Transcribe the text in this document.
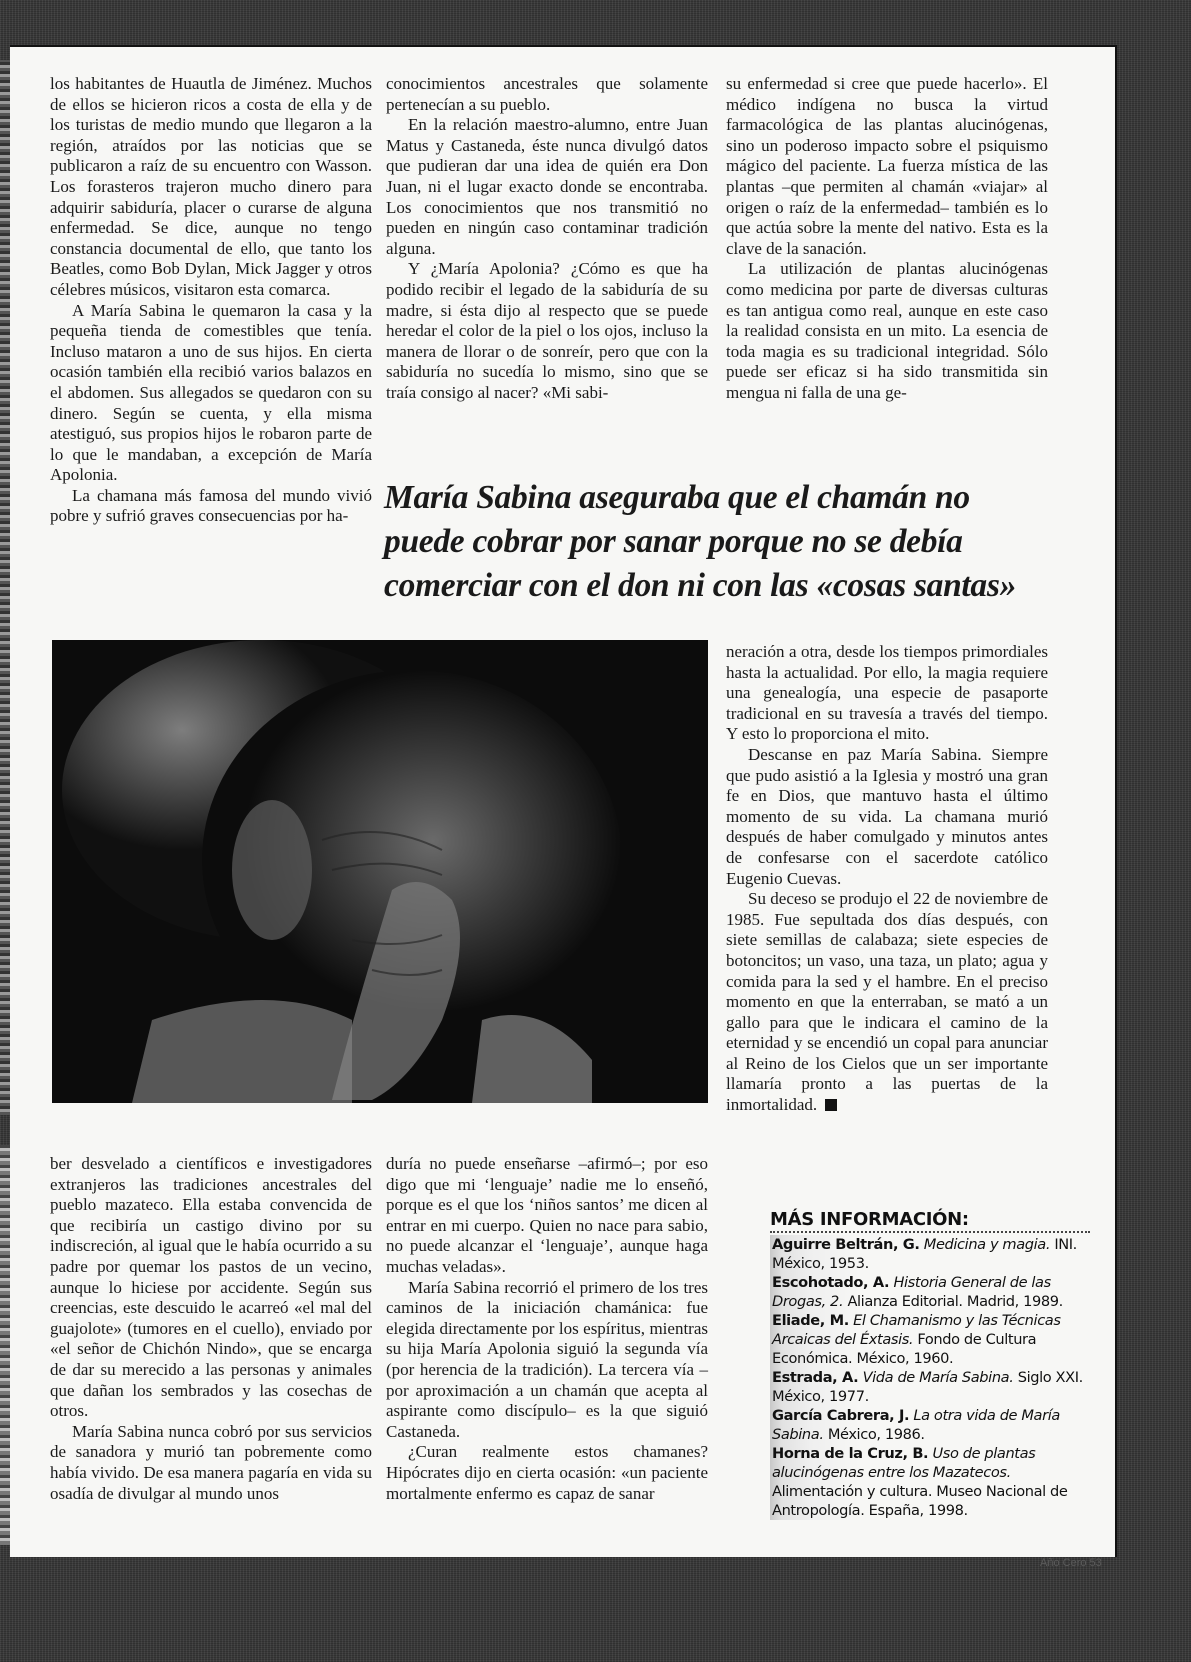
los habitantes de Huautla de Jiménez. Muchos de ellos se hicieron ricos a costa de ella y de los turistas de medio mundo que llegaron a la región, atraídos por las noticias que se publicaron a raíz de su encuentro con Wasson. Los forasteros trajeron mucho dinero para adquirir sabiduría, placer o curarse de alguna enfermedad. Se dice, aunque no tengo constancia documental de ello, que tanto los Beatles, como Bob Dylan, Mick Jagger y otros célebres músicos, visitaron esta comarca.

A María Sabina le quemaron la casa y la pequeña tienda de comestibles que tenía. Incluso mataron a uno de sus hijos. En cierta ocasión también ella recibió varios balazos en el abdomen. Sus allegados se quedaron con su dinero. Según se cuenta, y ella misma atestiguó, sus propios hijos le robaron parte de lo que le mandaban, a excepción de María Apolonia.

La chamana más famosa del mundo vivió pobre y sufrió graves consecuencias por ha-

conocimientos ancestrales que solamente pertenecían a su pueblo.

En la relación maestro-alumno, entre Juan Matus y Castaneda, éste nunca divulgó datos que pudieran dar una idea de quién era Don Juan, ni el lugar exacto donde se encontraba. Los conocimientos que nos transmitió no pueden en ningún caso contaminar tradición alguna.

Y ¿María Apolonia? ¿Cómo es que ha podido recibir el legado de la sabiduría de su madre, si ésta dijo al respecto que se puede heredar el color de la piel o los ojos, incluso la manera de llorar o de sonreír, pero que con la sabiduría no sucedía lo mismo, sino que se traía consigo al nacer? «Mi sabi-

su enfermedad si cree que puede hacerlo». El médico indígena no busca la virtud farmacológica de las plantas alucinógenas, sino un poderoso impacto sobre el psiquismo mágico del paciente. La fuerza mística de las plantas –que permiten al chamán «viajar» al origen o raíz de la enfermedad– también es lo que actúa sobre la mente del nativo. Esta es la clave de la sanación.

La utilización de plantas alucinógenas como medicina por parte de diversas culturas es tan antigua como real, aunque en este caso la realidad consista en un mito. La esencia de toda magia es su tradicional integridad. Sólo puede ser eficaz si ha sido transmitida sin mengua ni falla de una ge-

María Sabina aseguraba que el chamán no
puede cobrar por sanar porque no se debía
comerciar con el don ni con las «cosas santas»

neración a otra, desde los tiempos primordiales hasta la actualidad. Por ello, la magia requiere una genealogía, una especie de pasaporte tradicional en su travesía a través del tiempo. Y esto lo proporciona el mito.

Descanse en paz María Sabina. Siempre que pudo asistió a la Iglesia y mostró una gran fe en Dios, que mantuvo hasta el último momento de su vida. La chamana murió después de haber comulgado y minutos antes de confesarse con el sacerdote católico Eugenio Cuevas.

Su deceso se produjo el 22 de noviembre de 1985. Fue sepultada dos días después, con siete semillas de calabaza; siete especies de botoncitos; un vaso, una taza, un plato; agua y comida para la sed y el hambre. En el preciso momento en que la enterraban, se mató a un gallo para que le indicara el camino de la eternidad y se encendió un copal para anunciar al Reino de los Cielos que un ser importante llamaría pronto a las puertas de la inmortalidad.

ber desvelado a científicos e investigadores extranjeros las tradiciones ancestrales del pueblo mazateco. Ella estaba convencida de que recibiría un castigo divino por su indiscreción, al igual que le había ocurrido a su padre por quemar los pastos de un vecino, aunque lo hiciese por accidente. Según sus creencias, este descuido le acarreó «el mal del guajolote» (tumores en el cuello), enviado por «el señor de Chichón Nindo», que se encarga de dar su merecido a las personas y animales que dañan los sembrados y las cosechas de otros.

María Sabina nunca cobró por sus servicios de sanadora y murió tan pobremente como había vivido. De esa manera pagaría en vida su osadía de divulgar al mundo unos

duría no puede enseñarse –afirmó–; por eso digo que mi ‘lenguaje’ nadie me lo enseñó, porque es el que los ‘niños santos’ me dicen al entrar en mi cuerpo. Quien no nace para sabio, no puede alcanzar el ‘lenguaje’, aunque haga muchas veladas».

María Sabina recorrió el primero de los tres caminos de la iniciación chamánica: fue elegida directamente por los espíritus, mientras su hija María Apolonia siguió la segunda vía (por herencia de la tradición). La tercera vía –por aproximación a un chamán que acepta al aspirante como discípulo– es la que siguió Castaneda.

¿Curan realmente estos chamanes? Hipócrates dijo en cierta ocasión: «un paciente mortalmente enfermo es capaz de sanar

MÁS INFORMACIÓN:

Aguirre Beltrán, G. Medicina y magia. INI. México, 1953.

Escohotado, A. Historia General de las Drogas, 2. Alianza Editorial. Madrid, 1989.

Eliade, M. El Chamanismo y las Técnicas Arcaicas del Éxtasis. Fondo de Cultura Económica. México, 1960.

Estrada, A. Vida de María Sabina. Siglo XXI. México, 1977.

García Cabrera, J. La otra vida de María Sabina. México, 1986.

Horna de la Cruz, B. Uso de plantas alucinógenas entre los Mazatecos. Alimentación y cultura. Museo Nacional de Antropología. España, 1998.

Año Cero 53
